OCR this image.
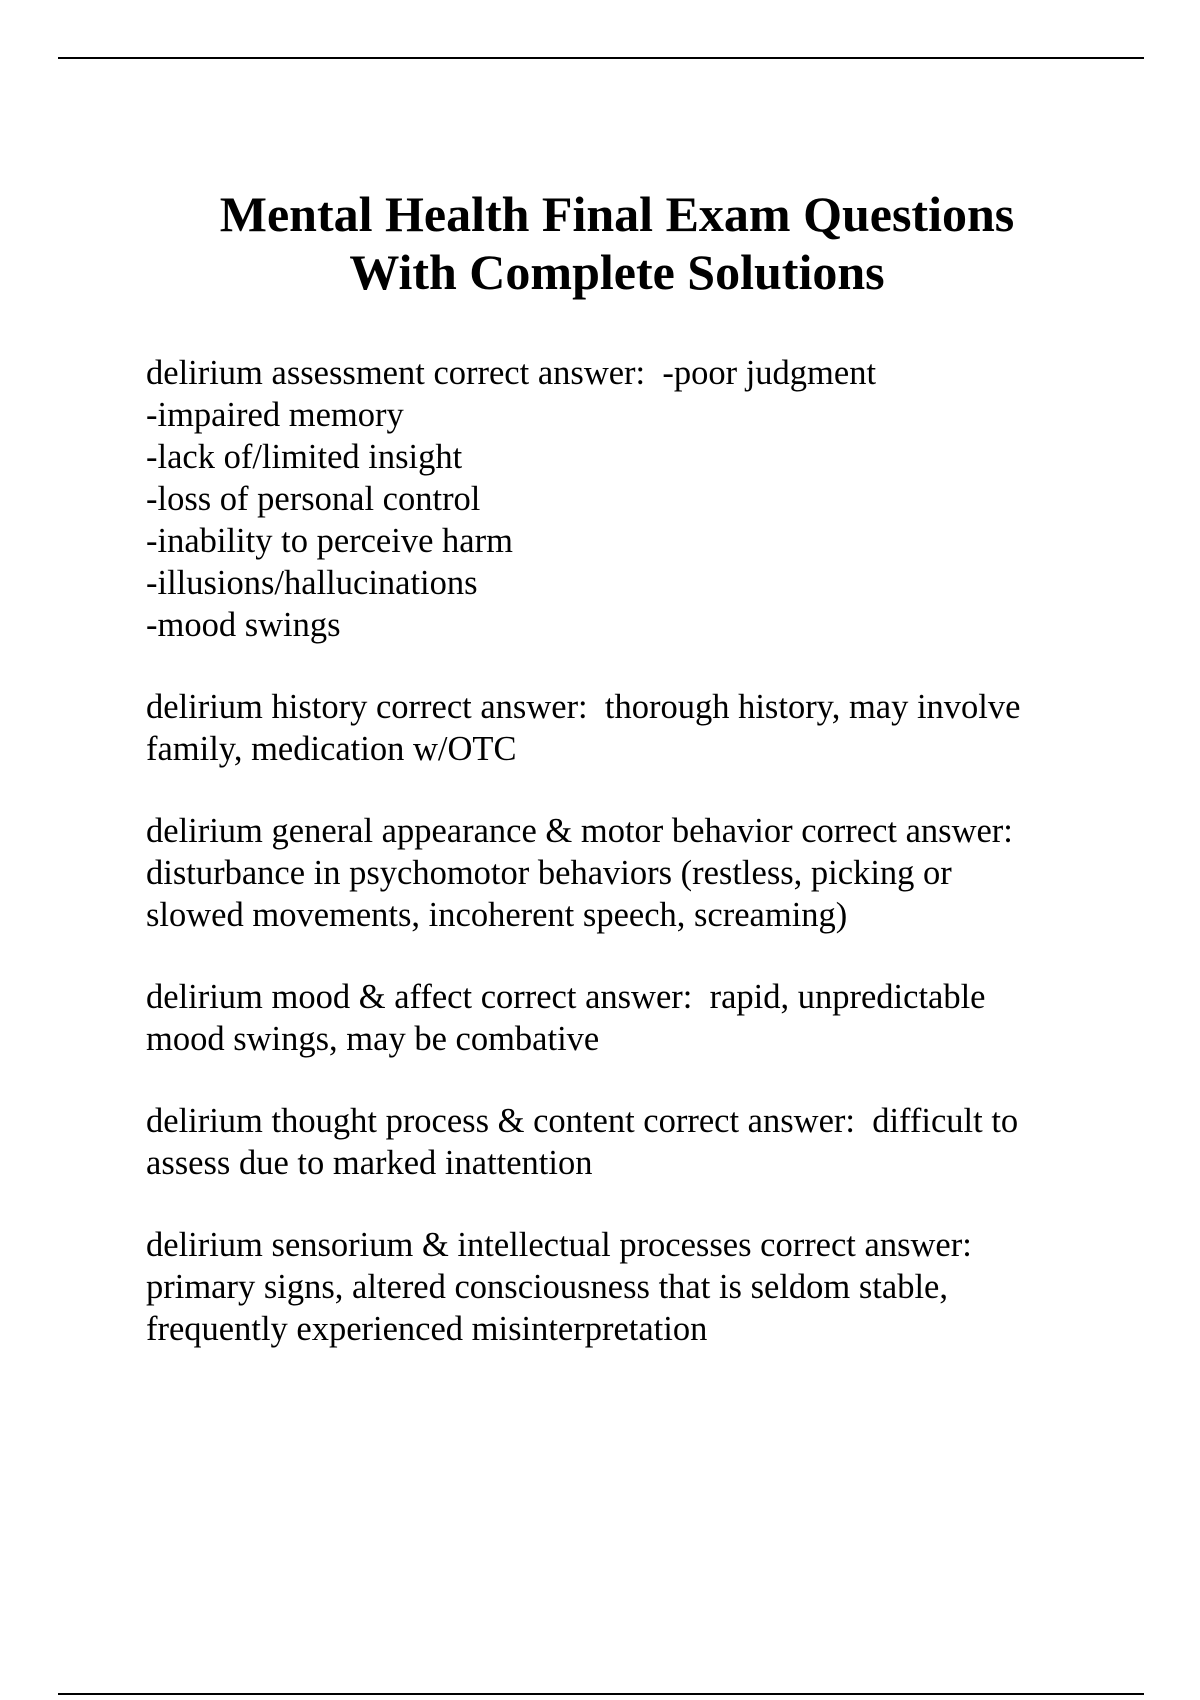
Mental Health Final Exam Questions
With Complete Solutions
delirium assessment correct answer:  -poor judgment
-impaired memory
-lack of/limited insight
-loss of personal control
-inability to perceive harm
-illusions/hallucinations
-mood swings
delirium history correct answer:  thorough history, may involve
family, medication w/OTC
delirium general appearance & motor behavior correct answer:
disturbance in psychomotor behaviors (restless, picking or
slowed movements, incoherent speech, screaming)
delirium mood & affect correct answer:  rapid, unpredictable
mood swings, may be combative
delirium thought process & content correct answer:  difficult to
assess due to marked inattention
delirium sensorium & intellectual processes correct answer:
primary signs, altered consciousness that is seldom stable,
frequently experienced misinterpretation
